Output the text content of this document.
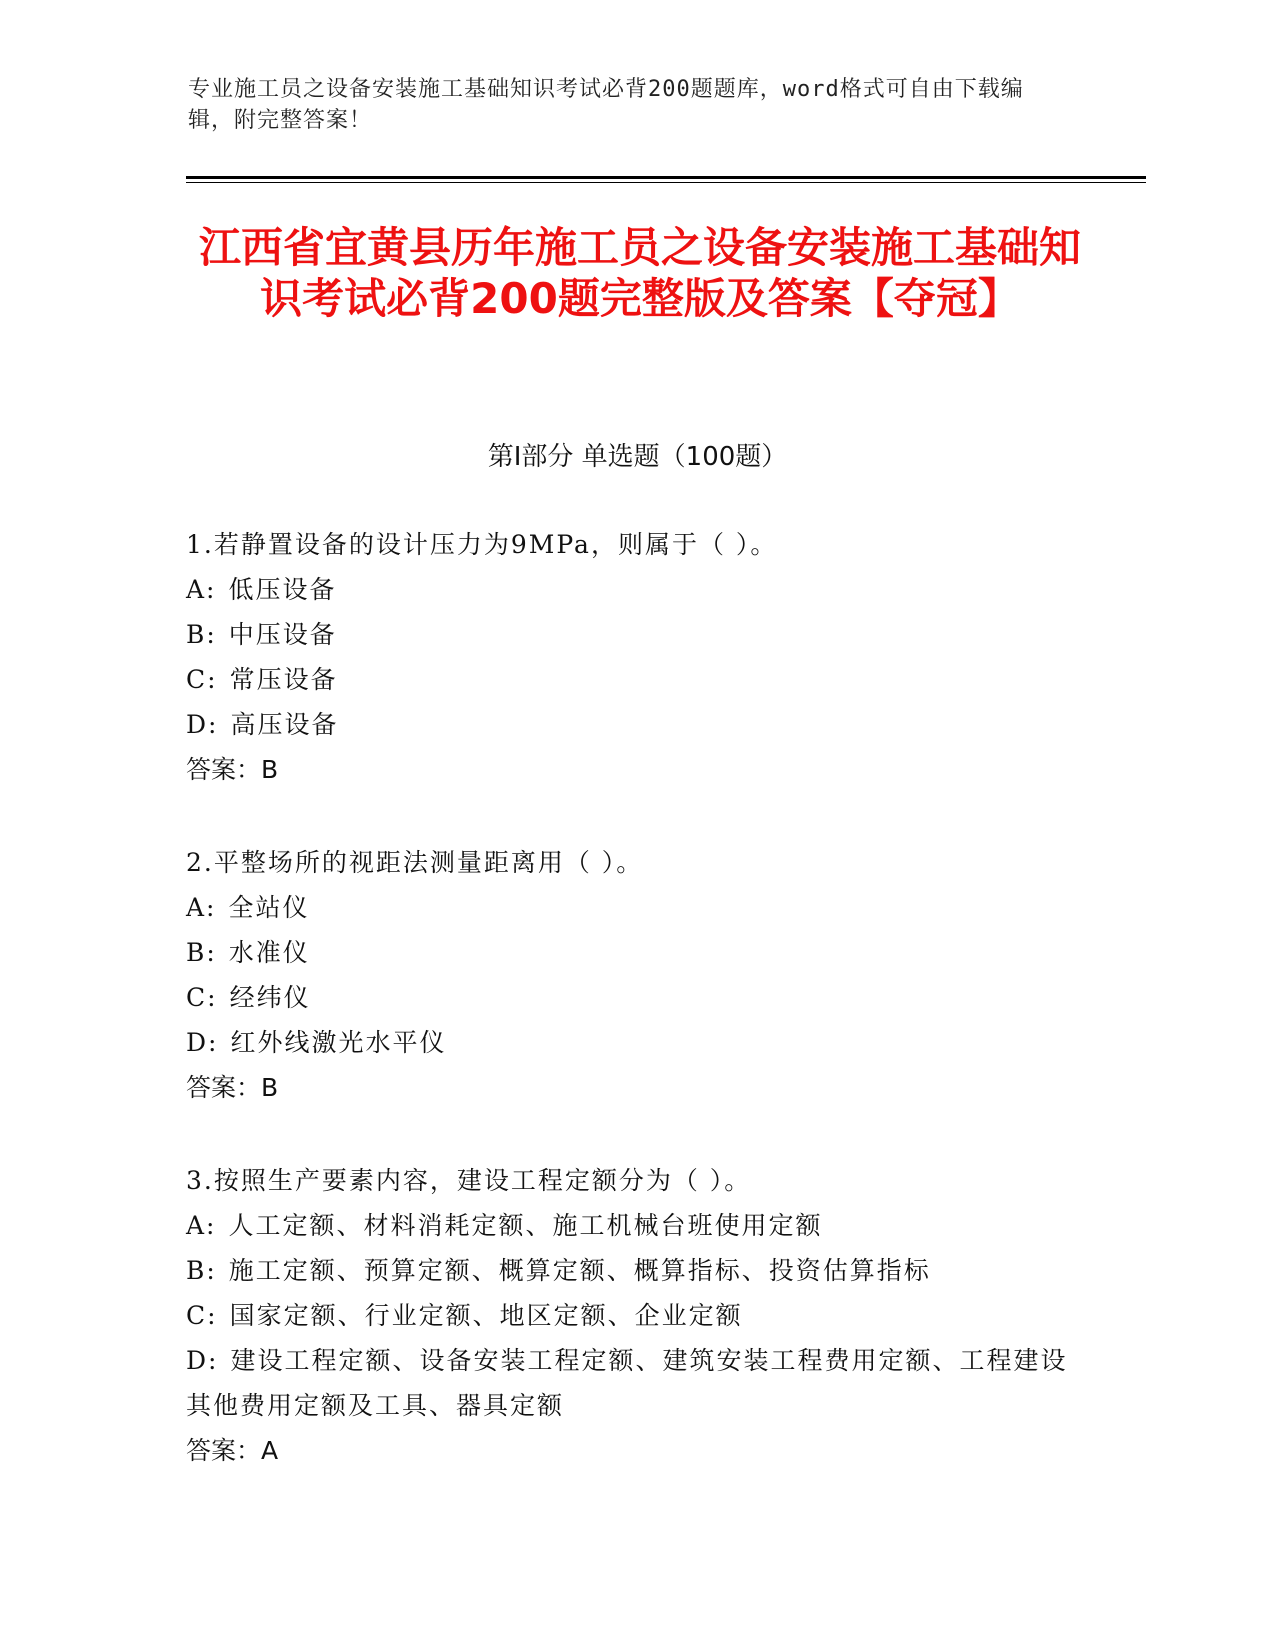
专业施工员之设备安装施工基础知识考试必背200题题库，word格式可自由下载编辑，附完整答案！
江西省宜黄县历年施工员之设备安装施工基础知识考试必背200题完整版及答案【夺冠】
第I部分 单选题（100题）
1.若静置设备的设计压力为9MPa，则属于（ ）。
A: 低压设备
B: 中压设备
C: 常压设备
D: 高压设备
答案：B
2.平整场所的视距法测量距离用（ ）。
A: 全站仪
B: 水准仪
C: 经纬仪
D: 红外线激光水平仪
答案：B
3.按照生产要素内容，建设工程定额分为（ ）。
A: 人工定额、材料消耗定额、施工机械台班使用定额
B: 施工定额、预算定额、概算定额、概算指标、投资估算指标
C: 国家定额、行业定额、地区定额、企业定额
D: 建设工程定额、设备安装工程定额、建筑安装工程费用定额、工程建设其他费用定额及工具、器具定额
答案：A
